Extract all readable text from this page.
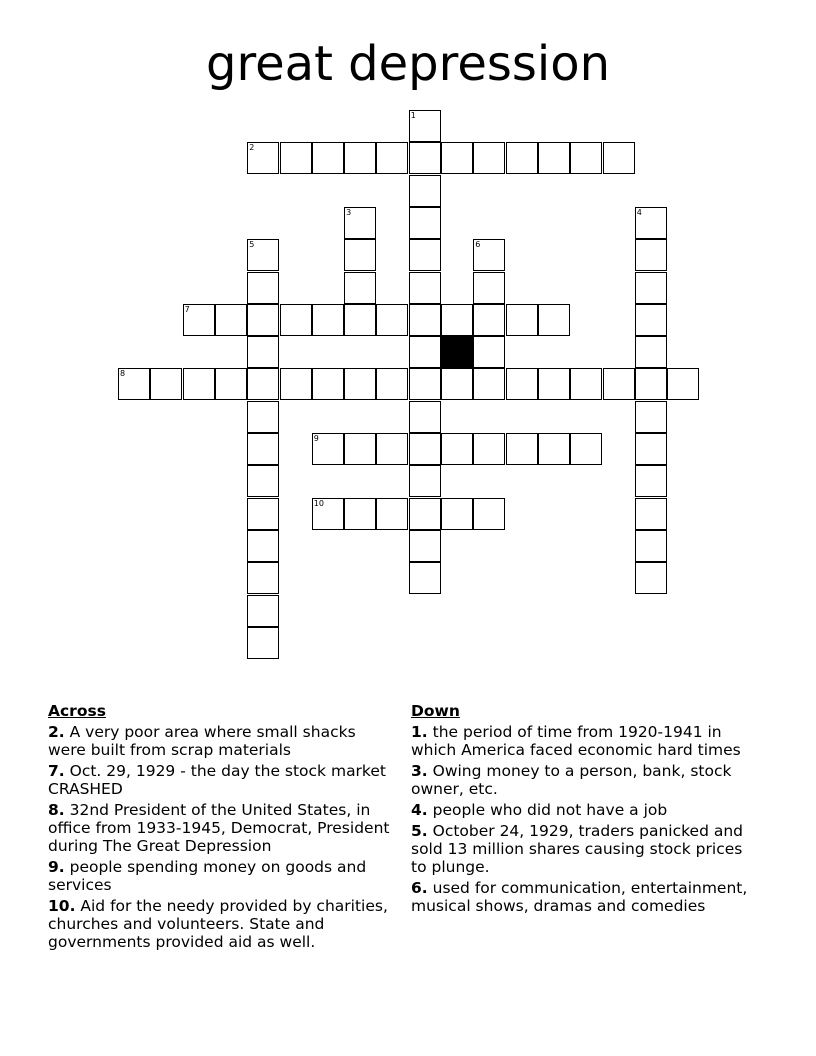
great depression
2
7
8
9
10
1
3	4
5	6
Across
2. A very poor area where small shacks were built from scrap materials
7. Oct. 29, 1929 - the day the stock market CRASHED
8. 32nd President of the United States, in office from 1933-1945, Democrat, President during The Great Depression
9. people spending money on goods and services
10. Aid for the needy provided by charities, churches and volunteers. State and governments provided aid as well.
Down
1. the period of time from 1920-1941 in which America faced economic hard times
3. Owing money to a person, bank, stock owner, etc.
4. people who did not have a job
5. October 24, 1929, traders panicked and sold 13 million shares causing stock prices to plunge.
6. used for communication, entertainment, musical shows, dramas and comedies
